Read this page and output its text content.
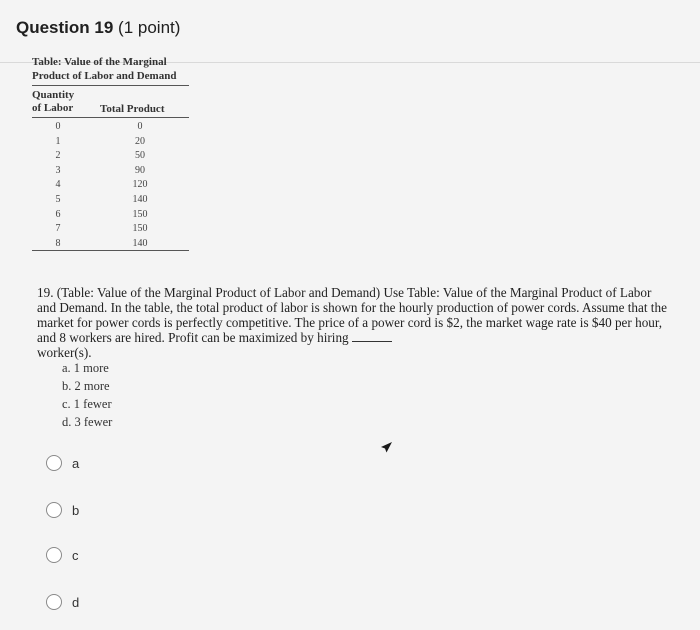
Question 19 (1 point)
Table: Value of the Marginal
Product of Labor and Demand
Quantity
of Labor Total Product
0	0
1	20
2	50
3	90
4	120
5	140
6	150
7	150
8	140
19. (Table: Value of the Marginal Product of Labor and Demand) Use Table: Value of the Marginal Product of Labor and Demand. In the table, the total product of labor is shown for the hourly production of power cords. Assume that the market for power cords is perfectly competitive. The price of a power cord is $2, the market wage rate is $40 per hour, and 8 workers are hired. Profit can be maximized by hiring
worker(s).
a. 1 more
b. 2 more
c. 1 fewer
d. 3 fewer
a
b
c
d
